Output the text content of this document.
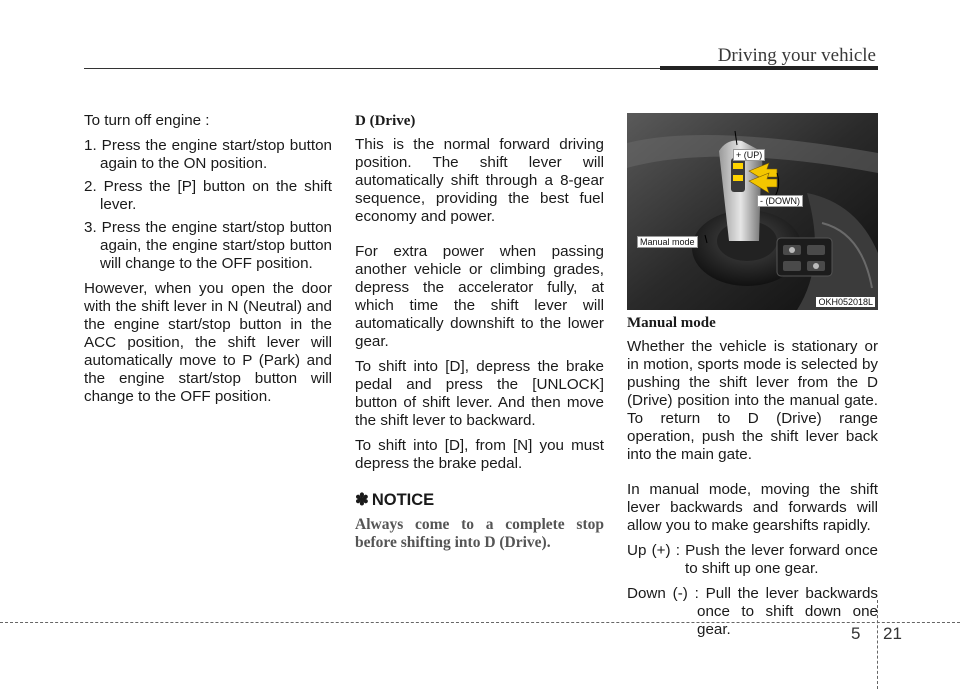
Driving your vehicle

To turn off engine :

1. Press the engine start/stop button again to the ON position.
2. Press the [P] button on the shift lever.
3. Press the engine start/stop button again, the engine start/stop button will change to the OFF position.

However, when you open the door with the shift lever in N (Neutral) and the engine start/stop button in the ACC position, the shift lever will automatically move to P (Park) and the engine start/stop button will change to the OFF position.

D (Drive)

This is the normal forward driving position. The shift lever will automatically shift through a 8-gear sequence, providing the best fuel economy and power.

For extra power when passing another vehicle or climbing grades, depress the accelerator fully, at which time the shift lever will automatically downshift to the lower gear.

To shift into [D], depress the brake pedal and press the [UNLOCK] button of shift lever. And then move the shift lever to backward.

To shift into [D], from [N] you must depress the brake pedal.

✽ NOTICE
Always come to a complete stop before shifting into D (Drive).
+ (UP)
- (DOWN)
Manual mode
OKH052018L
Manual mode

Whether the vehicle is stationary or in motion, sports mode is selected by pushing the shift lever from the D (Drive) position into the manual gate. To return to D (Drive) range operation, push the shift lever back into the main gate.

In manual mode, moving the shift lever backwards and forwards will allow you to make gearshifts rapidly.

Up (+) : Push the lever forward once to shift up one gear.

Down (-) : Pull the lever backwards once to shift down one gear.	5 21
